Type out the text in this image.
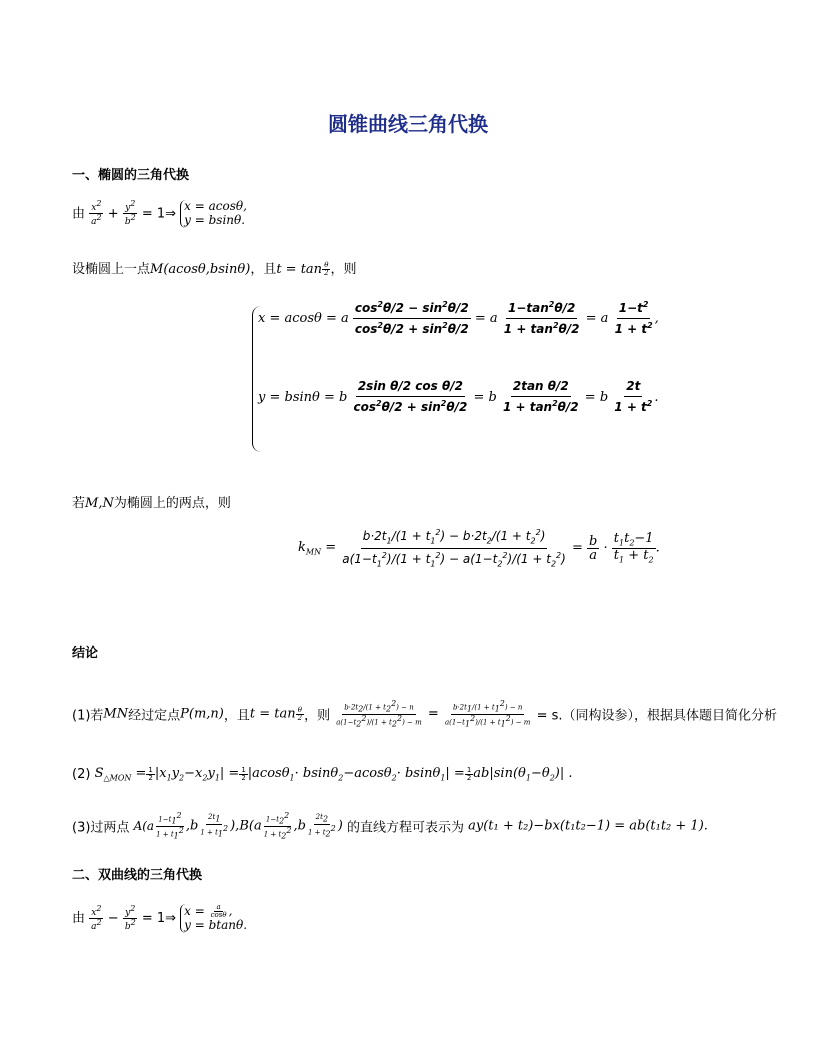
圆锥曲线三角代换
一、椭圆的三角代换
由 $\frac{x^2}{a^2} + \frac{y^2}{b^2}$ = 1⇒ x = acosθ,
y = bsinθ.
设椭圆上一点M(acosθ,bsinθ)，且$t = \tan \frac{\theta}{2}$ ，则
x = acosθ = a $\frac{\cos^2\theta/2 - \sin^2\theta/2}{\cos^2\theta/2 + \sin^2\theta/2} = a \frac{1-\tan^2\theta/2}{1 + \tan^2\theta/2} = a \frac{1-t^2}{1 + t^2}$ ,
y = bsinθ = b $\frac{\text{2sin θ/2 cos θ/2}}{\cos^2\theta/2 + \sin^2\theta/2} = b \frac{\text{2tan θ/2}}{1 + \tan^2\theta/2} = b \frac{2t}{1 + t^2}$ .
若M,N为椭圆上的两点，则
$k_{MN} = \frac{b\cdot 2t_1/(1 + t_1^2) - b\cdot 2t_2/(1 + t_2^2)}{a(1-t_1^2)/(1 + t_1^2) - a(1-t_2^2)/(1 + t_2^2)} = \frac{b}{a} \cdot \frac{t_1t_2-1}{t_1 + t_2}$ .
结论
(1)若MN经过定点P(m,n)，且$t = \tan \frac{\theta}{2}$ ，则 $\frac{b\cdot 2t_2/(1 + t_2^2) - n}{a(1-t_2^2)/(1 + t_2^2) - m} = \frac{b\cdot 2t_1/(1 + t_1^2) - n}{a(1-t_1^2)/(1 + t_1^2) - m} = s$.（同构设参），根据具体题目简化分析
(2) $S_{\triangle MON} = \frac{1}{2} |x_1y_2-x_2y_1| = \frac{1}{2} |acos\theta_1\cdot bsin\theta_2-acos\theta_2\cdot bsin\theta_1| = \frac{1}{2} ab|\sin(\theta_1-\theta_2)|$ .
(3)过两点 $A(a \frac{1-t_1^2}{1 + t_1^2} ,b \frac{2t_1}{1 + t_1^2} ),B(a \frac{1-t_2^2}{1 + t_2^2} ,b \frac{2t_2}{1 + t_2^2}$ ) 的直线方程可表示为 ay(t₁ + t₂)−bx(t₁t₂−1) = ab(t₁t₂ + 1).
二、双曲线的三角代换
由 $\frac{x^2}{a^2} - \frac{y^2}{b^2}$ = 1⇒ $x = \frac{a}{\cos\theta}$ ,
y = btanθ.
